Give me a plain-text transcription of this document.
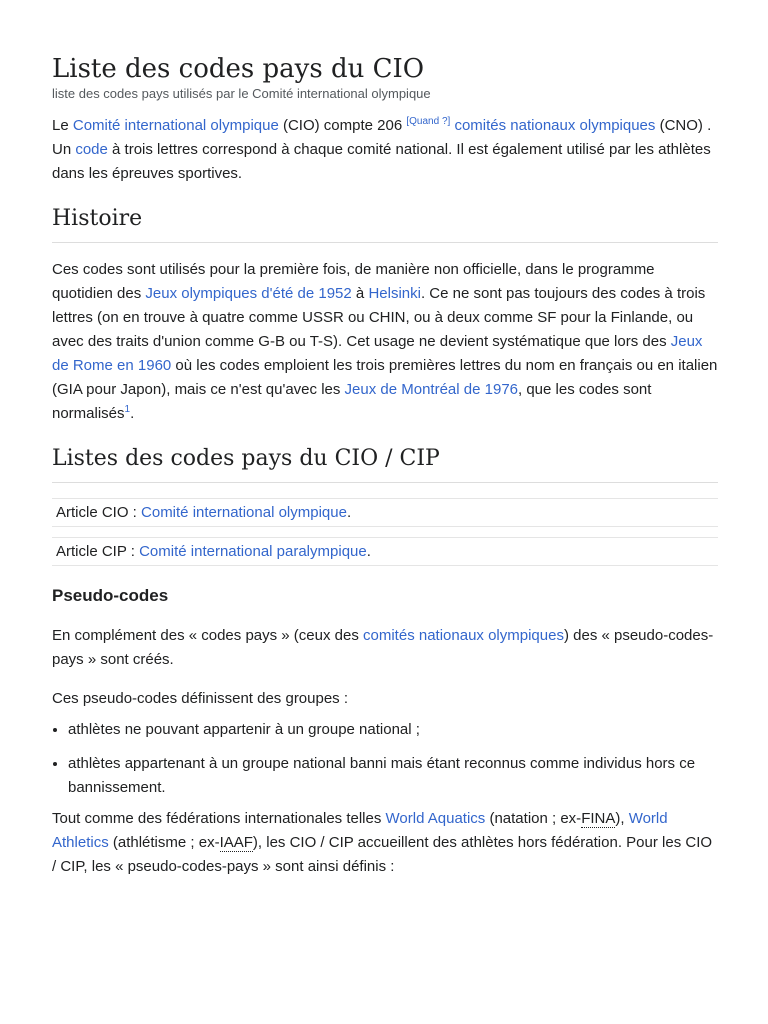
Liste des codes pays du CIO
liste des codes pays utilisés par le Comité international olympique

Le Comité international olympique (CIO) compte 206 [Quand ?] comités nationaux olympiques (CNO) . Un code à trois lettres correspond à chaque comité national. Il est également utilisé par les athlètes dans les épreuves sportives.

Histoire

Ces codes sont utilisés pour la première fois, de manière non officielle, dans le programme quotidien des Jeux olympiques d'été de 1952 à Helsinki. Ce ne sont pas toujours des codes à trois lettres (on en trouve à quatre comme USSR ou CHIN, ou à deux comme SF pour la Finlande, ou avec des traits d'union comme G-B ou T-S). Cet usage ne devient systématique que lors des Jeux de Rome en 1960 où les codes emploient les trois premières lettres du nom en français ou en italien (GIA pour Japon), mais ce n'est qu'avec les Jeux de Montréal de 1976, que les codes sont normalisés$^1$.

Listes des codes pays du CIO / CIP
Article CIO : Comité international olympique.
Article CIP : Comité international paralympique.
Pseudo-codes

En complément des « codes pays » (ceux des comités nationaux olympiques) des « pseudo-codes-pays » sont créés.

Ces pseudo-codes définissent des groupes :

• athlètes ne pouvant appartenir à un groupe national ;
• athlètes appartenant à un groupe national banni mais étant reconnus comme individus hors ce bannissement.

Tout comme des fédérations internationales telles World Aquatics (natation ; ex-FINA), World Athletics (athlétisme ; ex-IAAF), les CIO / CIP accueillent des athlètes hors fédération. Pour les CIO / CIP, les « pseudo-codes-pays » sont ainsi définis :
